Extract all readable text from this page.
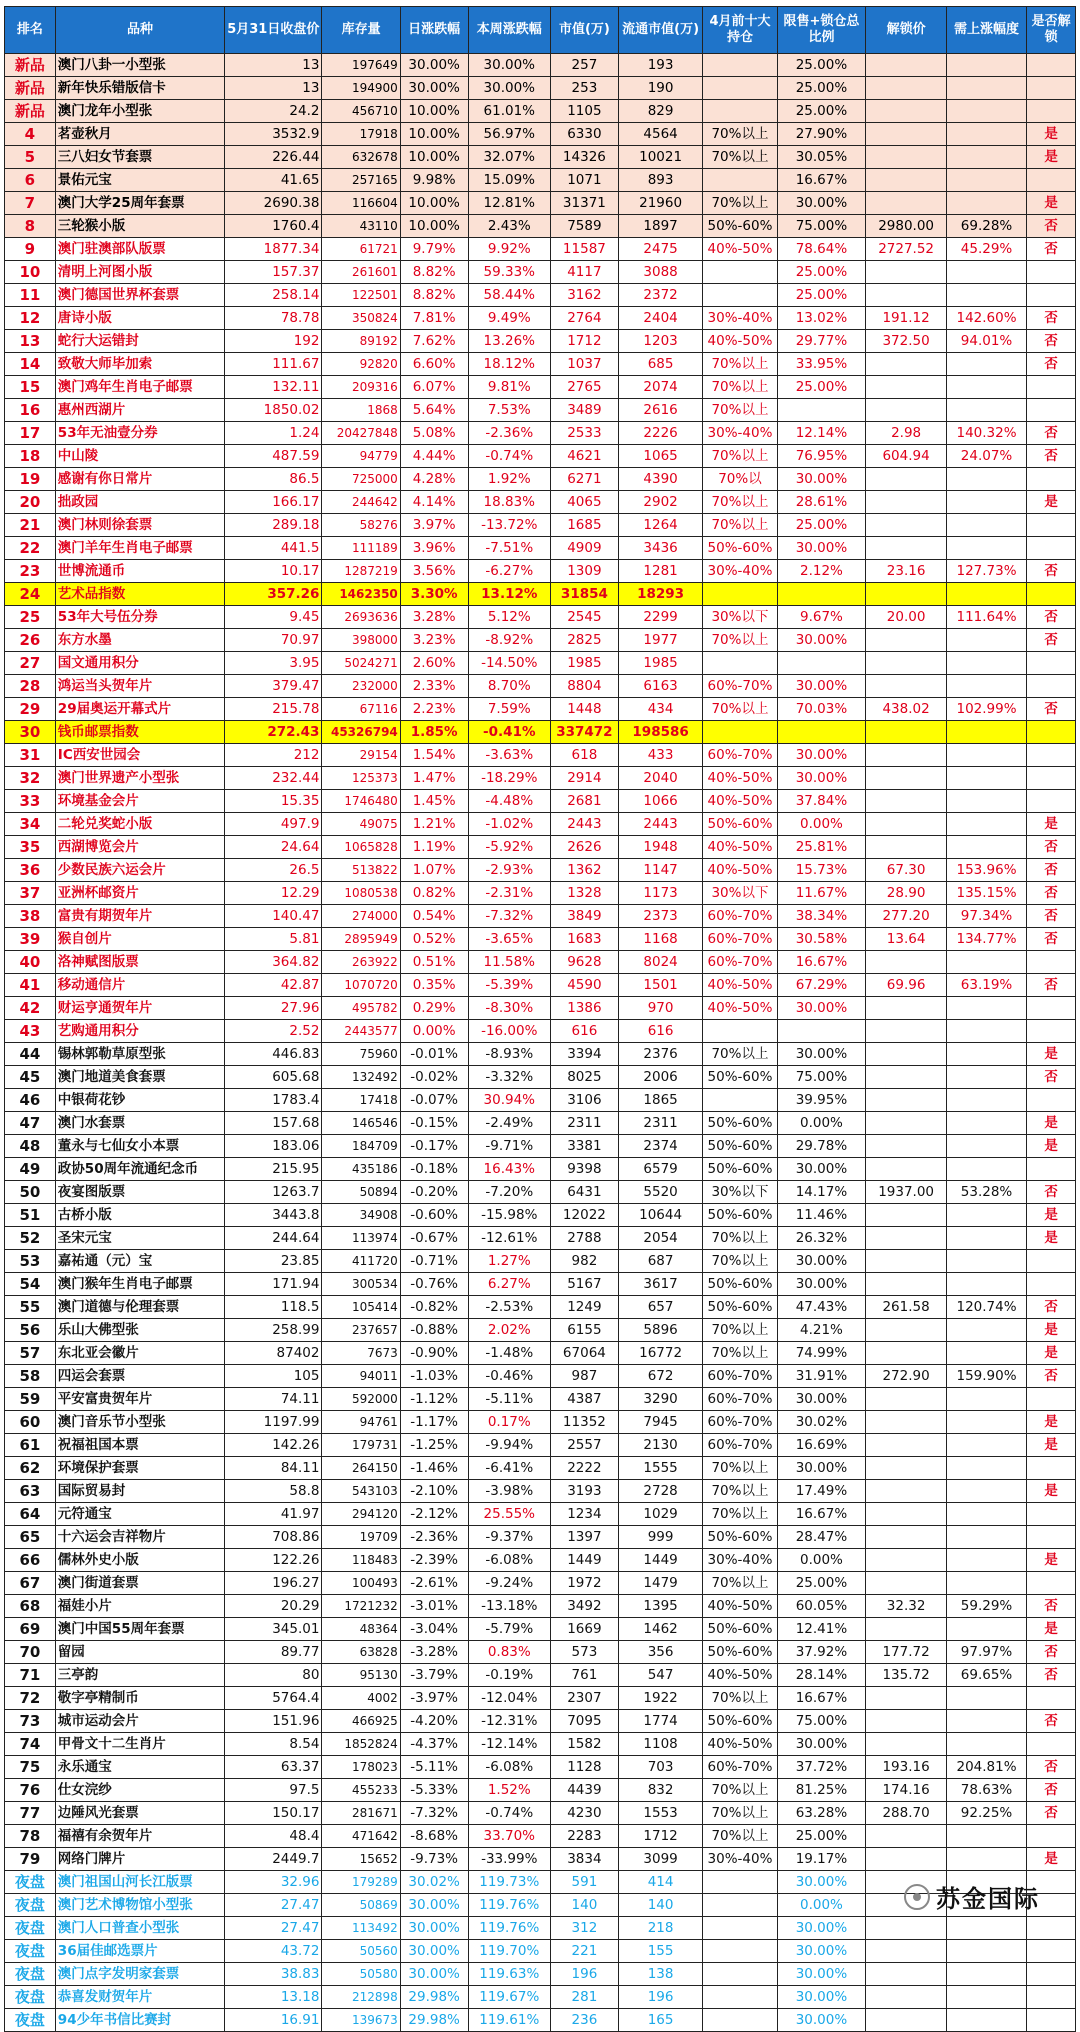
排名	品种	5月31日收盘价	库存量	日涨跌幅	本周涨跌幅	市值(万)	流通市值(万)	4月前十大持仓	限售+锁仓总比例	解锁价	需上涨幅度	是否解锁
新品	澳门八卦一小型张	13	197649	30.00%	30.00%	257	193		25.00%			
新品	新年快乐错版信卡	13	194900	30.00%	30.00%	253	190		25.00%			
新品	澳门龙年小型张	24.2	456710	10.00%	61.01%	1105	829		25.00%			
4	茗壶秋月	3532.9	17918	10.00%	56.97%	6330	4564	70%以上	27.90%			是
5	三八妇女节套票	226.44	632678	10.00%	32.07%	14326	10021	70%以上	30.05%			是
6	景佑元宝	41.65	257165	9.98%	15.09%	1071	893		16.67%			
7	澳门大学25周年套票	2690.38	116604	10.00%	12.81%	31371	21960	70%以上	30.00%			是
8	三轮猴小版	1760.4	43110	10.00%	2.43%	7589	1897	50%-60%	75.00%	2980.00	69.28%	否
9	澳门驻澳部队版票	1877.34	61721	9.79%	9.92%	11587	2475	40%-50%	78.64%	2727.52	45.29%	否
10	清明上河图小版	157.37	261601	8.82%	59.33%	4117	3088		25.00%			
11	澳门德国世界杯套票	258.14	122501	8.82%	58.44%	3162	2372		25.00%			
12	唐诗小版	78.78	350824	7.81%	9.49%	2764	2404	30%-40%	13.02%	191.12	142.60%	否
13	蛇行大运错封	192	89192	7.62%	13.26%	1712	1203	40%-50%	29.77%	372.50	94.01%	否
14	致敬大师毕加索	111.67	92820	6.60%	18.12%	1037	685	70%以上	33.95%			否
15	澳门鸡年生肖电子邮票	132.11	209316	6.07%	9.81%	2765	2074	70%以上	25.00%			
16	惠州西湖片	1850.02	1868	5.64%	7.53%	3489	2616	70%以上				
17	53年无油壹分券	1.24	20427848	5.08%	-2.36%	2533	2226	30%-40%	12.14%	2.98	140.32%	否
18	中山陵	487.59	94779	4.44%	-0.74%	4621	1065	70%以上	76.95%	604.94	24.07%	否
19	感谢有你日常片	86.5	725000	4.28%	1.92%	6271	4390	70%以	30.00%			
20	拙政园	166.17	244642	4.14%	18.83%	4065	2902	70%以上	28.61%			是
21	澳门林则徐套票	289.18	58276	3.97%	-13.72%	1685	1264	70%以上	25.00%			
22	澳门羊年生肖电子邮票	441.5	111189	3.96%	-7.51%	4909	3436	50%-60%	30.00%			
23	世博流通币	10.17	1287219	3.56%	-6.27%	1309	1281	30%-40%	2.12%	23.16	127.73%	否
24	艺术品指数	357.26	1462350	3.30%	13.12%	31854	18293					
25	53年大号伍分券	9.45	2693636	3.28%	5.12%	2545	2299	30%以下	9.67%	20.00	111.64%	否
26	东方水墨	70.97	398000	3.23%	-8.92%	2825	1977	70%以上	30.00%			否
27	国文通用积分	3.95	5024271	2.60%	-14.50%	1985	1985					
28	鸿运当头贺年片	379.47	232000	2.33%	8.70%	8804	6163	60%-70%	30.00%			
29	29届奥运开幕式片	215.78	67116	2.23%	7.59%	1448	434	70%以上	70.03%	438.02	102.99%	否
30	钱币邮票指数	272.43	45326794	1.85%	-0.41%	337472	198586					
31	IC西安世园会	212	29154	1.54%	-3.63%	618	433	60%-70%	30.00%			
32	澳门世界遗产小型张	232.44	125373	1.47%	-18.29%	2914	2040	40%-50%	30.00%			
33	环境基金会片	15.35	1746480	1.45%	-4.48%	2681	1066	40%-50%	37.84%			
34	二轮兑奖蛇小版	497.9	49075	1.21%	-1.02%	2443	2443	50%-60%	0.00%			是
35	西湖博览会片	24.64	1065828	1.19%	-5.92%	2626	1948	40%-50%	25.81%			否
36	少数民族六运会片	26.5	513822	1.07%	-2.93%	1362	1147	40%-50%	15.73%	67.30	153.96%	否
37	亚洲杯邮资片	12.29	1080538	0.82%	-2.31%	1328	1173	30%以下	11.67%	28.90	135.15%	否
38	富贵有期贺年片	140.47	274000	0.54%	-7.32%	3849	2373	60%-70%	38.34%	277.20	97.34%	否
39	猴自创片	5.81	2895949	0.52%	-3.65%	1683	1168	60%-70%	30.58%	13.64	134.77%	否
40	洛神赋图版票	364.82	263922	0.51%	11.58%	9628	8024	60%-70%	16.67%			
41	移动通信片	42.87	1070720	0.35%	-5.39%	4590	1501	40%-50%	67.29%	69.96	63.19%	否
42	财运亨通贺年片	27.96	495782	0.29%	-8.30%	1386	970	40%-50%	30.00%			
43	艺购通用积分	2.52	2443577	0.00%	-16.00%	616	616					
44	锡林郭勒草原型张	446.83	75960	-0.01%	-8.93%	3394	2376	70%以上	30.00%			是
45	澳门地道美食套票	605.68	132492	-0.02%	-3.32%	8025	2006	50%-60%	75.00%			否
46	中银荷花钞	1783.4	17418	-0.07%	30.94%	3106	1865		39.95%			
47	澳门水套票	157.68	146546	-0.15%	-2.49%	2311	2311	50%-60%	0.00%			是
48	董永与七仙女小本票	183.06	184709	-0.17%	-9.71%	3381	2374	50%-60%	29.78%			是
49	政协50周年流通纪念币	215.95	435186	-0.18%	16.43%	9398	6579	50%-60%	30.00%			
50	夜宴图版票	1263.7	50894	-0.20%	-7.20%	6431	5520	30%以下	14.17%	1937.00	53.28%	否
51	古桥小版	3443.8	34908	-0.60%	-15.98%	12022	10644	50%-60%	11.46%			是
52	圣宋元宝	244.64	113974	-0.67%	-12.61%	2788	2054	70%以上	26.32%			是
53	嘉祐通（元）宝	23.85	411720	-0.71%	1.27%	982	687	70%以上	30.00%			
54	澳门猴年生肖电子邮票	171.94	300534	-0.76%	6.27%	5167	3617	50%-60%	30.00%			
55	澳门道德与伦理套票	118.5	105414	-0.82%	-2.53%	1249	657	50%-60%	47.43%	261.58	120.74%	否
56	乐山大佛型张	258.99	237657	-0.88%	2.02%	6155	5896	70%以上	4.21%			是
57	东北亚会徽片	87402	7673	-0.90%	-1.48%	67064	16772	70%以上	74.99%			是
58	四运会套票	105	94011	-1.03%	-0.46%	987	672	60%-70%	31.91%	272.90	159.90%	否
59	平安富贵贺年片	74.11	592000	-1.12%	-5.11%	4387	3290	60%-70%	30.00%			
60	澳门音乐节小型张	1197.99	94761	-1.17%	0.17%	11352	7945	60%-70%	30.02%			是
61	祝福祖国本票	142.26	179731	-1.25%	-9.94%	2557	2130	60%-70%	16.69%			是
62	环境保护套票	84.11	264150	-1.46%	-6.41%	2222	1555	70%以上	30.00%			
63	国际贸易封	58.8	543103	-2.10%	-3.98%	3193	2728	70%以上	17.49%			是
64	元符通宝	41.97	294120	-2.12%	25.55%	1234	1029	70%以上	16.67%			
65	十六运会吉祥物片	708.86	19709	-2.36%	-9.37%	1397	999	50%-60%	28.47%			
66	儒林外史小版	122.26	118483	-2.39%	-6.08%	1449	1449	30%-40%	0.00%			是
67	澳门街道套票	196.27	100493	-2.61%	-9.24%	1972	1479	70%以上	25.00%			
68	福娃小片	20.29	1721232	-3.01%	-13.18%	3492	1395	40%-50%	60.05%	32.32	59.29%	否
69	澳门中国55周年套票	345.01	48364	-3.04%	-5.79%	1669	1462	50%-60%	12.41%			是
70	留园	89.77	63828	-3.28%	0.83%	573	356	50%-60%	37.92%	177.72	97.97%	否
71	三亭韵	80	95130	-3.79%	-0.19%	761	547	40%-50%	28.14%	135.72	69.65%	否
72	敬字亭精制币	5764.4	4002	-3.97%	-12.04%	2307	1922	70%以上	16.67%			
73	城市运动会片	151.96	466925	-4.20%	-12.31%	7095	1774	50%-60%	75.00%			否
74	甲骨文十二生肖片	8.54	1852824	-4.37%	-12.14%	1582	1108	40%-50%	30.00%			
75	永乐通宝	63.37	178023	-5.11%	-6.08%	1128	703	60%-70%	37.72%	193.16	204.81%	否
76	仕女浣纱	97.5	455233	-5.33%	1.52%	4439	832	70%以上	81.25%	174.16	78.63%	否
77	边陲风光套票	150.17	281671	-7.32%	-0.74%	4230	1553	70%以上	63.28%	288.70	92.25%	否
78	福禧有余贺年片	48.4	471642	-8.68%	33.70%	2283	1712	70%以上	25.00%			
79	网络门牌片	2449.7	15652	-9.73%	-33.99%	3834	3099	30%-40%	19.17%			是
夜盘	澳门祖国山河长江版票	32.96	179289	30.02%	119.73%	591	414		30.00%			
夜盘	澳门艺术博物馆小型张	27.47	50869	30.00%	119.76%	140	140		0.00%			
夜盘	澳门人口普查小型张	27.47	113492	30.00%	119.76%	312	218		30.00%			
夜盘	36届佳邮选票片	43.72	50560	30.00%	119.70%	221	155		30.00%			
夜盘	澳门点字发明家套票	38.83	50580	30.00%	119.63%	196	138		30.00%			
夜盘	恭喜发财贺年片	13.18	212898	29.98%	119.67%	281	196		30.00%			
夜盘	94少年书信比赛封	16.91	139673	29.98%	119.61%	236	165		30.00%			
苏金国际
